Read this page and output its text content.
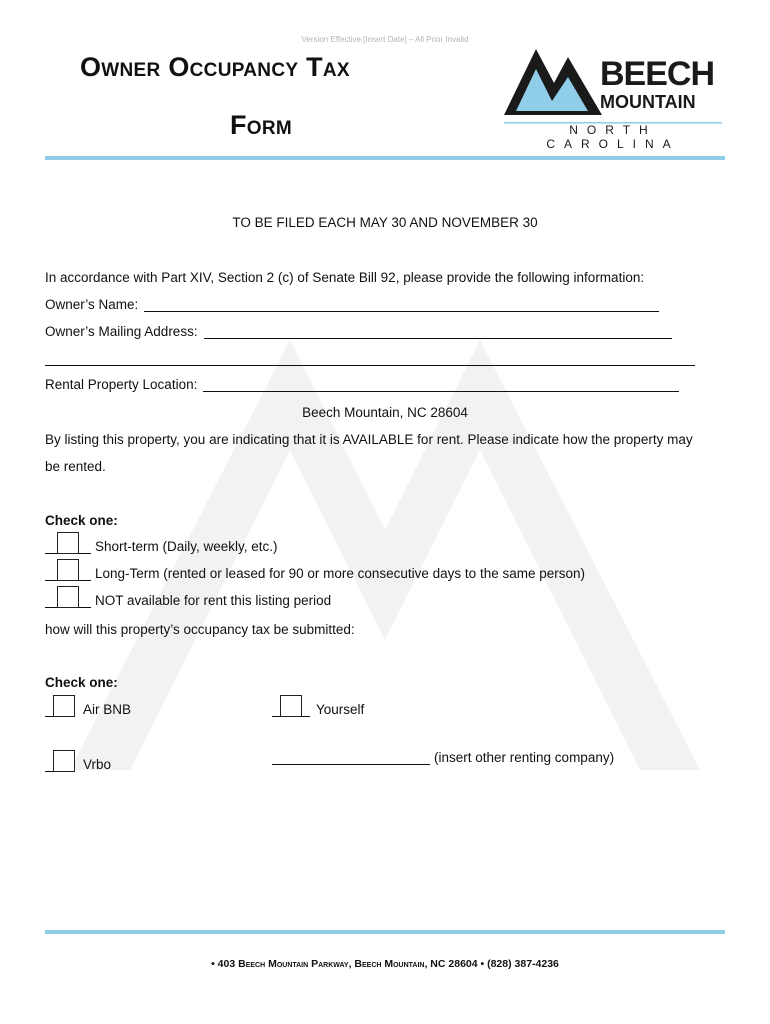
Version Effective [Insert Date] – All Prior Invalid
Owner Occupancy Tax
Form
BEECH
MOUNTAIN
NORTH CAROLINA
TO BE FILED EACH MAY 30 AND NOVEMBER 30
In accordance with Part XIV, Section 2 (c) of Senate Bill 92, please provide the following information:
Owner’s Name:
Owner’s Mailing Address:
Rental Property Location:
Beech Mountain, NC 28604
By listing this property, you are indicating that it is AVAILABLE for rent. Please indicate how the property may
be rented.
Check one:
Short-term (Daily, weekly, etc.)
Long-Term (rented or leased for 90 or more consecutive days to the same person)
NOT available for rent this listing period
how will this property’s occupancy tax be submitted:
Check one:
Air BNB	Yourself
Vrbo	(insert other renting company)
• 403 Beech Mountain Parkway, Beech Mountain, NC 28604 • (828) 387-4236
